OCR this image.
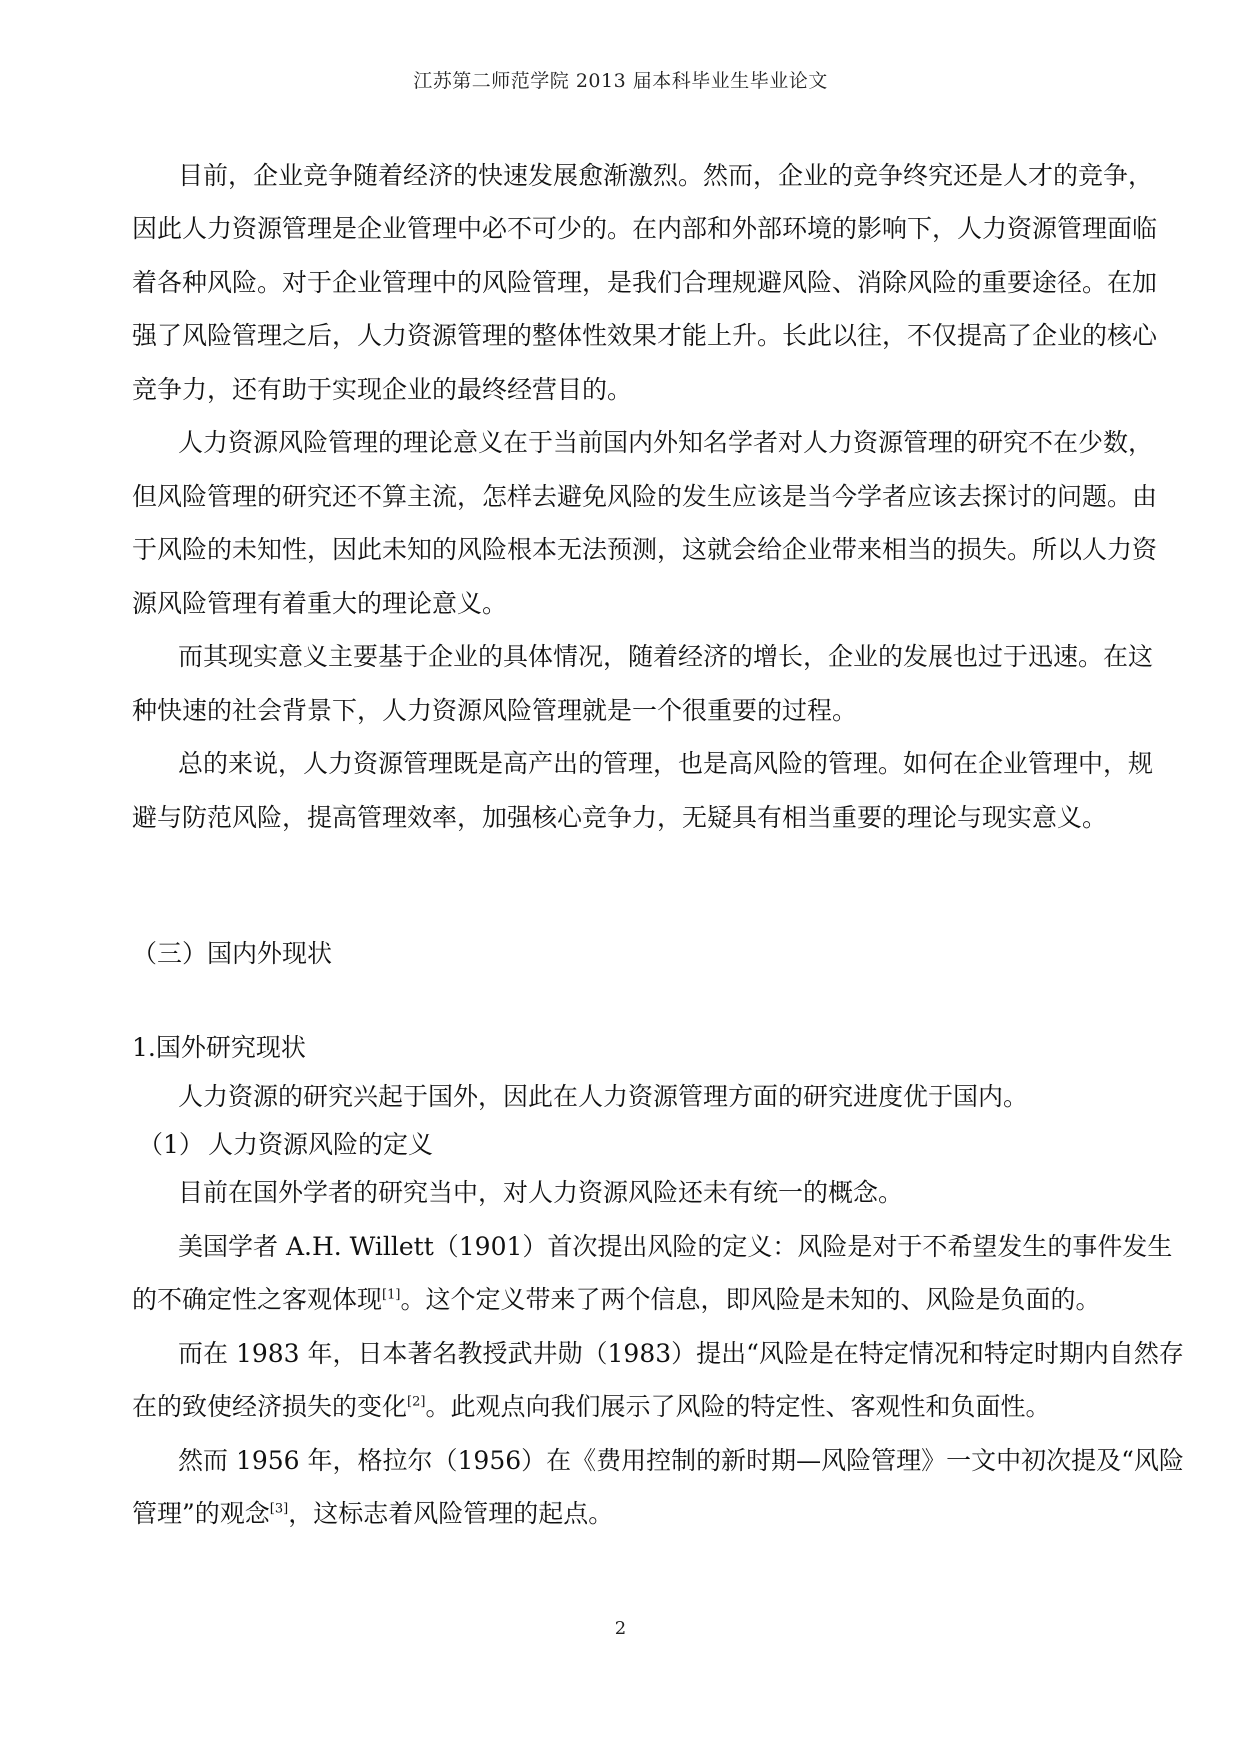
江苏第二师范学院 2013 届本科毕业生毕业论文

目前，企业竞争随着经济的快速发展愈渐激烈。然而，企业的竞争终究还是人才的竞争，

因此人力资源管理是企业管理中必不可少的。在内部和外部环境的影响下，人力资源管理面临

着各种风险。对于企业管理中的风险管理，是我们合理规避风险、消除风险的重要途径。在加

强了风险管理之后，人力资源管理的整体性效果才能上升。长此以往，不仅提高了企业的核心

竞争力，还有助于实现企业的最终经营目的。

人力资源风险管理的理论意义在于当前国内外知名学者对人力资源管理的研究不在少数，

但风险管理的研究还不算主流，怎样去避免风险的发生应该是当今学者应该去探讨的问题。由

于风险的未知性，因此未知的风险根本无法预测，这就会给企业带来相当的损失。所以人力资

源风险管理有着重大的理论意义。

而其现实意义主要基于企业的具体情况，随着经济的增长，企业的发展也过于迅速。在这

种快速的社会背景下，人力资源风险管理就是一个很重要的过程。

总的来说，人力资源管理既是高产出的管理，也是高风险的管理。如何在企业管理中，规

避与防范风险，提高管理效率，加强核心竞争力，无疑具有相当重要的理论与现实意义。

（三）国内外现状
1.国外研究现状

人力资源的研究兴起于国外，因此在人力资源管理方面的研究进度优于国内。

（1） 人力资源风险的定义

目前在国外学者的研究当中，对人力资源风险还未有统一的概念。

美国学者 A.H. Willett（1901）首次提出风险的定义：风险是对于不希望发生的事件发生

的不确定性之客观体现[1]。这个定义带来了两个信息，即风险是未知的、风险是负面的。

而在 1983 年，日本著名教授武井勋（1983）提出“风险是在特定情况和特定时期内自然存

在的致使经济损失的变化[2]。此观点向我们展示了风险的特定性、客观性和负面性。

然而 1956 年，格拉尔（1956）在《费用控制的新时期—风险管理》一文中初次提及“风险

管理”的观念[3]，这标志着风险管理的起点。

2
